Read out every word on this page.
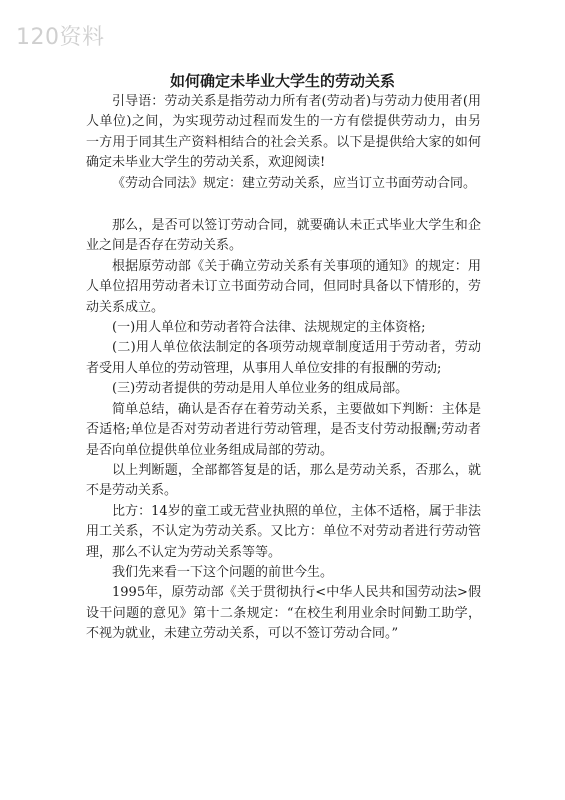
120资料
如何确定未毕业大学生的劳动关系

引导语：劳动关系是指劳动力所有者(劳动者)与劳动力使用者(用人单位)之间，为实现劳动过程而发生的一方有偿提供劳动力，由另一方用于同其生产资料相结合的社会关系。以下是提供给大家的如何确定未毕业大学生的劳动关系，欢迎阅读!

《劳动合同法》规定：建立劳动关系，应当订立书面劳动合同。

那么，是否可以签订劳动合同，就要确认未正式毕业大学生和企业之间是否存在劳动关系。

根据原劳动部《关于确立劳动关系有关事项的通知》的规定：用人单位招用劳动者未订立书面劳动合同，但同时具备以下情形的，劳动关系成立。

(一)用人单位和劳动者符合法律、法规规定的主体资格;

(二)用人单位依法制定的各项劳动规章制度适用于劳动者，劳动者受用人单位的劳动管理，从事用人单位安排的有报酬的劳动;

(三)劳动者提供的劳动是用人单位业务的组成局部。

简单总结，确认是否存在着劳动关系，主要做如下判断：主体是否适格;单位是否对劳动者进行劳动管理，是否支付劳动报酬;劳动者是否向单位提供单位业务组成局部的劳动。

以上判断题，全部都答复是的话，那么是劳动关系，否那么，就不是劳动关系。

比方：14岁的童工或无营业执照的单位，主体不适格，属于非法用工关系，不认定为劳动关系。又比方：单位不对劳动者进行劳动管理，那么不认定为劳动关系等等。

我们先来看一下这个问题的前世今生。

1995年，原劳动部《关于贯彻执行<中华人民共和国劳动法>假设干问题的意见》第十二条规定：“在校生利用业余时间勤工助学，不视为就业，未建立劳动关系，可以不签订劳动合同。”
